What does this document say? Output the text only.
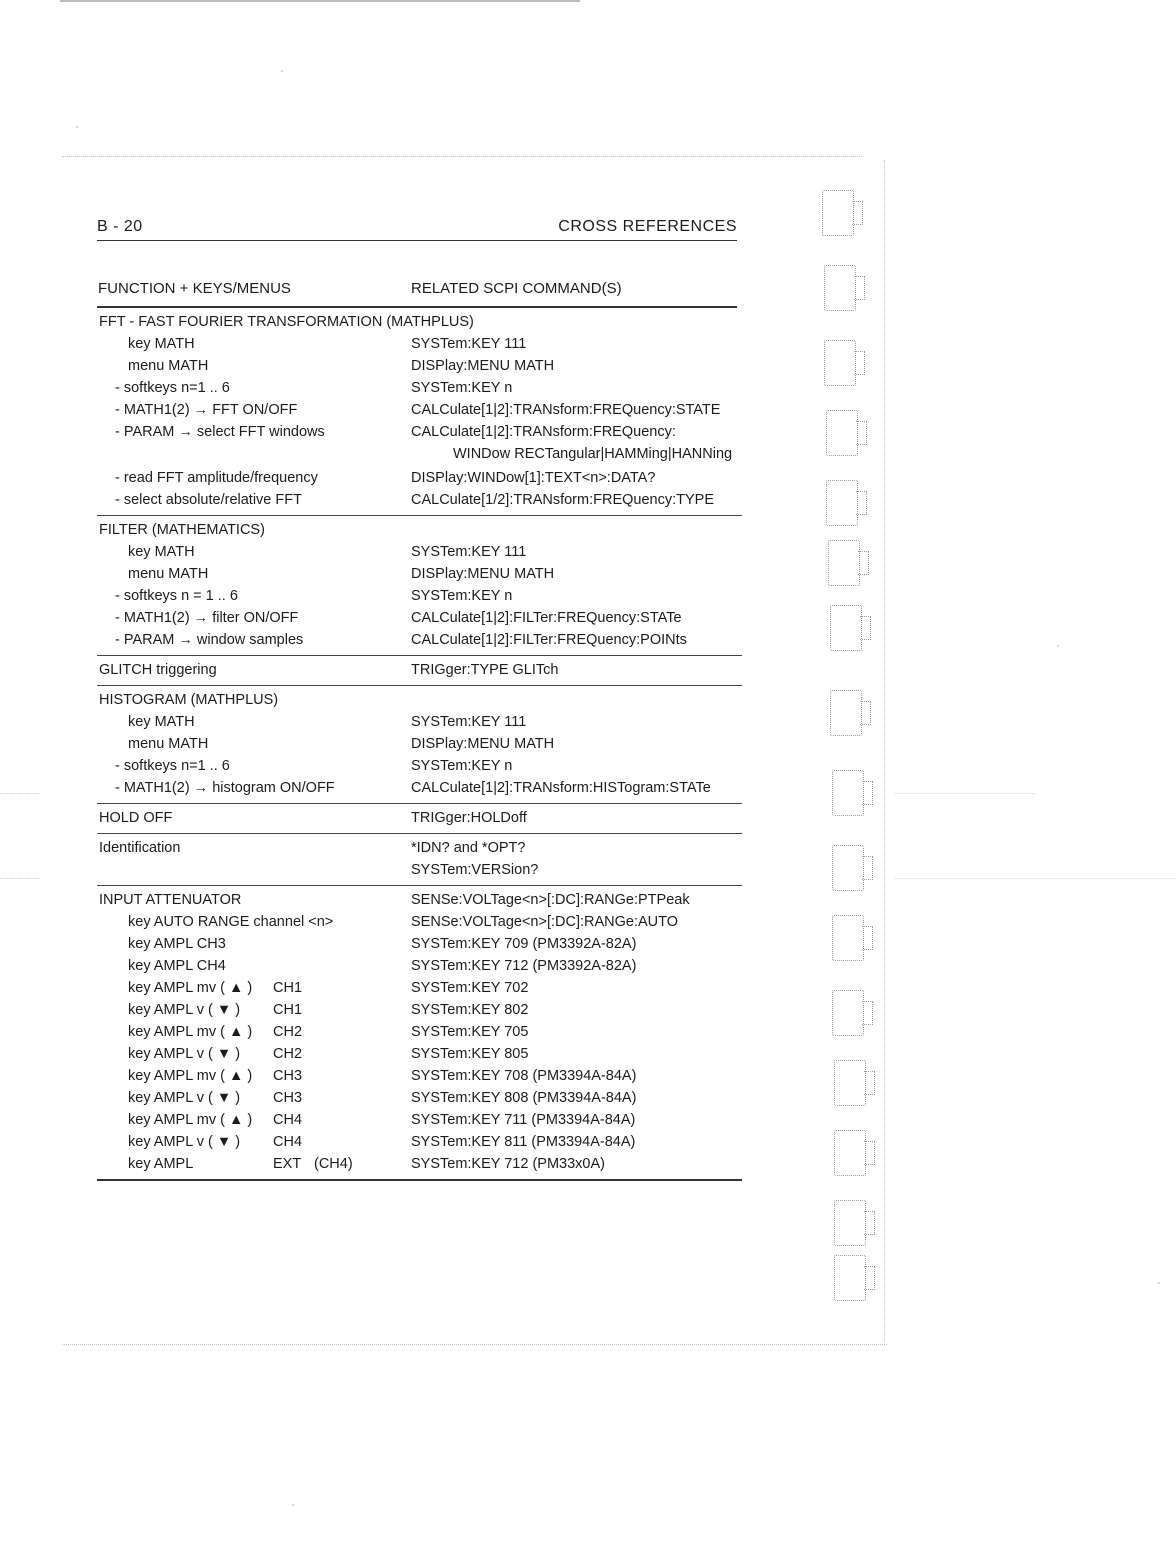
B - 20	CROSS REFERENCES
FUNCTION + KEYS/MENUS	RELATED SCPI COMMAND(S)
FFT - FAST FOURIER TRANSFORMATION (MATHPLUS)
key MATH	SYSTem:KEY 111
menu MATH	DISPlay:MENU MATH
- softkeys n=1 .. 6	SYSTem:KEY n
- MATH1(2) → FFT ON/OFF	CALCulate[1|2]:TRANsform:FREQuency:STATE
- PARAM → select FFT windows	CALCulate[1|2]:TRANsform:FREQuency:
WINDow RECTangular|HAMMing|HANNing
- read FFT amplitude/frequency	DISPlay:WINDow[1]:TEXT<n>:DATA?
- select absolute/relative FFT	CALCulate[1/2]:TRANsform:FREQuency:TYPE
FILTER (MATHEMATICS)
key MATH	SYSTem:KEY 111
menu MATH	DISPlay:MENU MATH
- softkeys n = 1 .. 6	SYSTem:KEY n
- MATH1(2) → filter ON/OFF	CALCulate[1|2]:FILTer:FREQuency:STATe
- PARAM → window samples	CALCulate[1|2]:FILTer:FREQuency:POINts
GLITCH triggering	TRIGger:TYPE GLITch
HISTOGRAM (MATHPLUS)
key MATH	SYSTem:KEY 111
menu MATH	DISPlay:MENU MATH
- softkeys n=1 .. 6	SYSTem:KEY n
- MATH1(2) → histogram ON/OFF	CALCulate[1|2]:TRANsform:HISTogram:STATe
HOLD OFF	TRIGger:HOLDoff
Identification	*IDN? and *OPT?
SYSTem:VERSion?
INPUT ATTENUATOR	SENSe:VOLTage<n>[:DC]:RANGe:PTPeak
key AUTO RANGE channel <n>	SENSe:VOLTage<n>[:DC]:RANGe:AUTO
key AMPL CH3	SYSTem:KEY 709 (PM3392A-82A)
key AMPL CH4	SYSTem:KEY 712 (PM3392A-82A)
key AMPL mv ( ▲ ) CH1	SYSTem:KEY 702
key AMPL v ( ▼ ) CH1	SYSTem:KEY 802
key AMPL mv ( ▲ ) CH2	SYSTem:KEY 705
key AMPL v ( ▼ ) CH2	SYSTem:KEY 805
key AMPL mv ( ▲ ) CH3	SYSTem:KEY 708 (PM3394A-84A)
key AMPL v ( ▼ ) CH3	SYSTem:KEY 808 (PM3394A-84A)
key AMPL mv ( ▲ ) CH4	SYSTem:KEY 711 (PM3394A-84A)
key AMPL v ( ▼ ) CH4	SYSTem:KEY 811 (PM3394A-84A)
key AMPL	EXT (CH4)	SYSTem:KEY 712 (PM33x0A)
